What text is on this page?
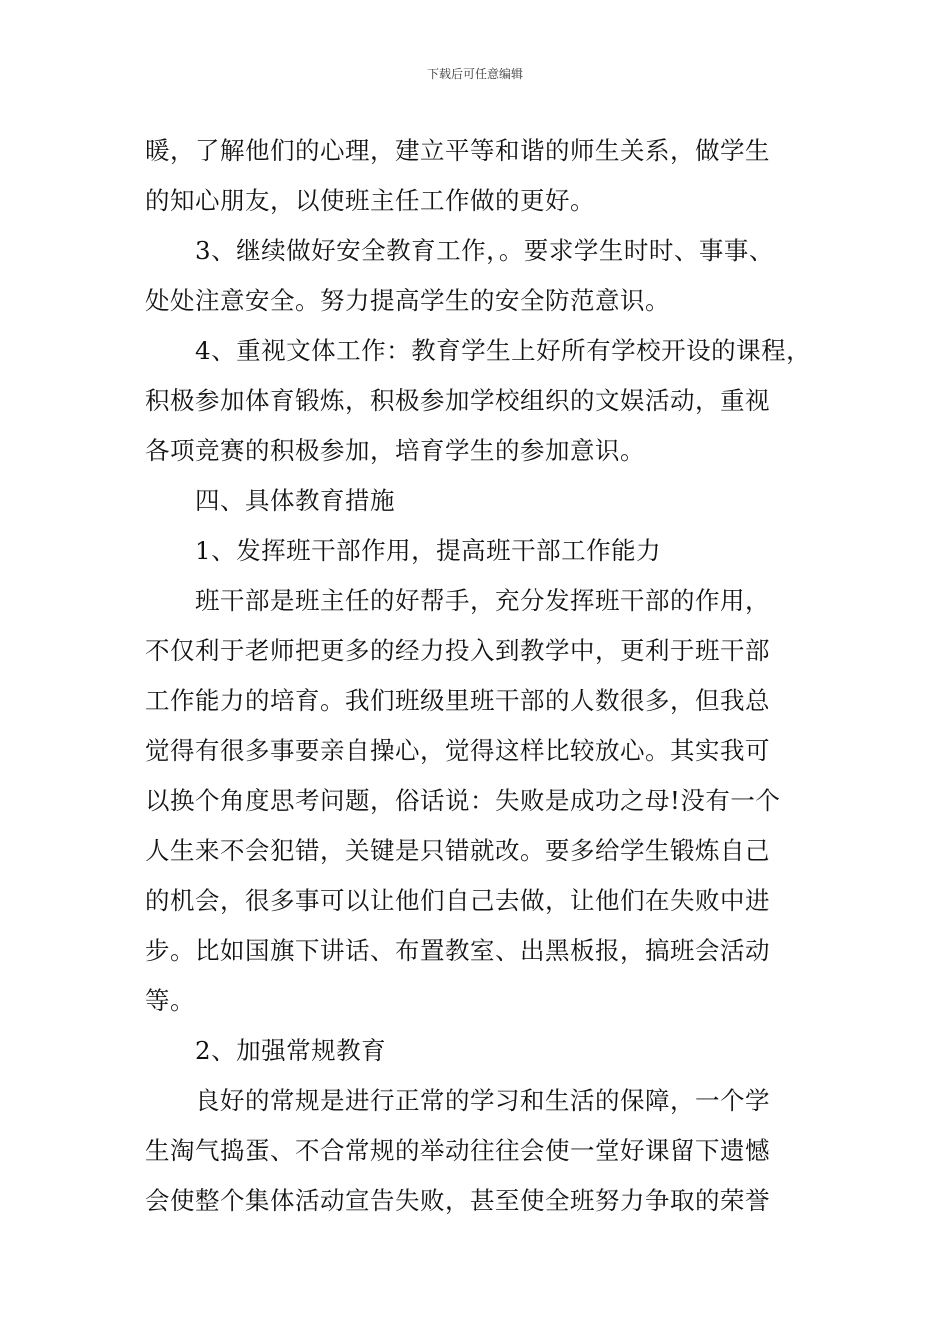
下载后可任意编辑
暖，了解他们的心理，建立平等和谐的师生关系，做学生
的知心朋友，以使班主任工作做的更好。
3、继续做好安全教育工作，。要求学生时时、事事、
处处注意安全。努力提高学生的安全防范意识。
4、重视文体工作：教育学生上好所有学校开设的课程，
积极参加体育锻炼，积极参加学校组织的文娱活动，重视
各项竞赛的积极参加，培育学生的参加意识。
四、具体教育措施
1、发挥班干部作用，提高班干部工作能力
班干部是班主任的好帮手，充分发挥班干部的作用，
不仅利于老师把更多的经力投入到教学中，更利于班干部
工作能力的培育。我们班级里班干部的人数很多，但我总
觉得有很多事要亲自操心，觉得这样比较放心。其实我可
以换个角度思考问题，俗话说：失败是成功之母!没有一个
人生来不会犯错，关键是只错就改。要多给学生锻炼自己
的机会，很多事可以让他们自己去做，让他们在失败中进
步。比如国旗下讲话、布置教室、出黑板报，搞班会活动
等。
2、加强常规教育
良好的常规是进行正常的学习和生活的保障，一个学
生淘气捣蛋、不合常规的举动往往会使一堂好课留下遗憾
会使整个集体活动宣告失败，甚至使全班努力争取的荣誉
